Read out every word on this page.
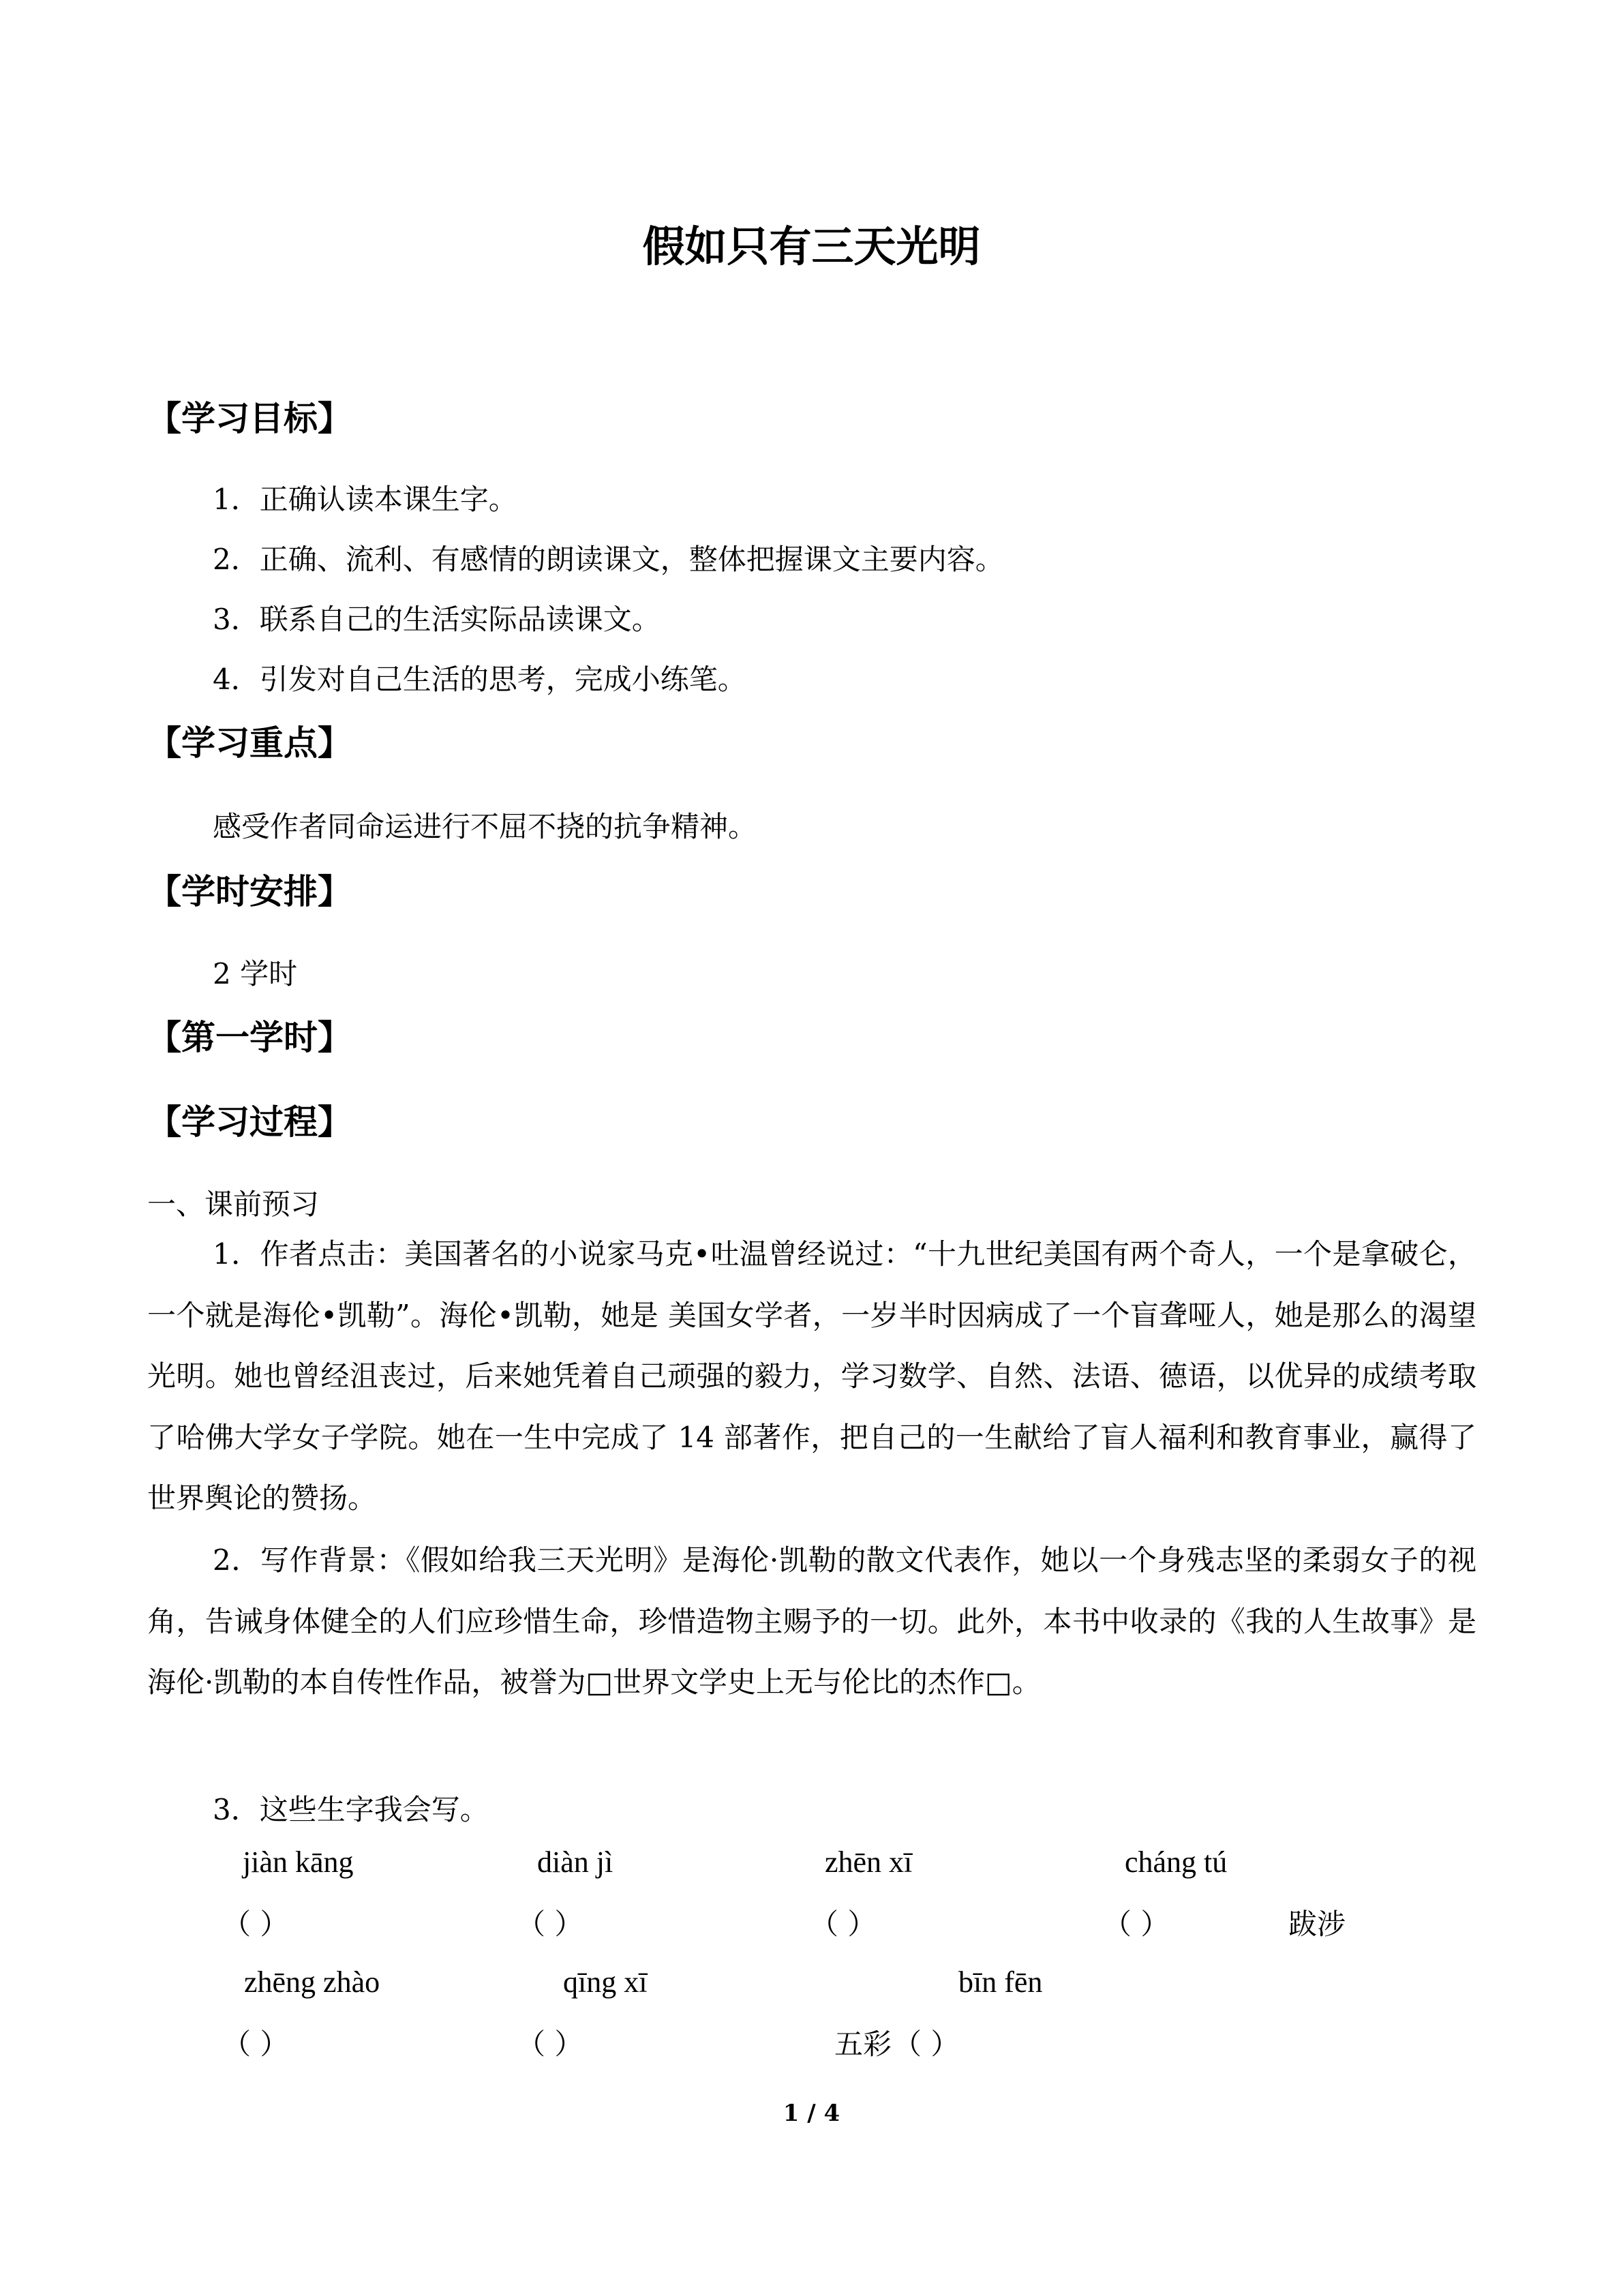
假如只有三天光明
【学习目标】
1．正确认读本课生字。
2．正确、流利、有感情的朗读课文，整体把握课文主要内容。
3．联系自己的生活实际品读课文。
4．引发对自己生活的思考，完成小练笔。
【学习重点】
感受作者同命运进行不屈不挠的抗争精神。
【学时安排】
2 学时
【第一学时】
【学习过程】
一、课前预习
1．作者点击：美国著名的小说家马克•吐温曾经说过：“十九世纪美国有两个奇人，一个是拿破仑，一个就是海伦•凯勒”。海伦•凯勒，她是 美国女学者，一岁半时因病成了一个盲聋哑人，她是那么的渴望光明。她也曾经沮丧过，后来她凭着自己顽强的毅力，学习数学、自然、法语、德语，以优异的成绩考取了哈佛大学女子学院。她在一生中完成了 14 部著作，把自己的一生献给了盲人福利和教育事业，赢得了世界舆论的赞扬。
2．写作背景：《假如给我三天光明》是海伦·凯勒的散文代表作，她以一个身残志坚的柔弱女子的视角，告诫身体健全的人们应珍惜生命，珍惜造物主赐予的一切。此外，本书中收录的《我的人生故事》是海伦·凯勒的本自传性作品，被誉为□世界文学史上无与伦比的杰作□。
3．这些生字我会写。
jiàn kāng	diàn jì	zhēn xī	cháng tú
（ ）	（ ）	（ ）	（ ）	跋涉
zhēng zhào	qīng xī	bīn fēn
（ ）	（ ）	五彩 （ ）
1 / 4
